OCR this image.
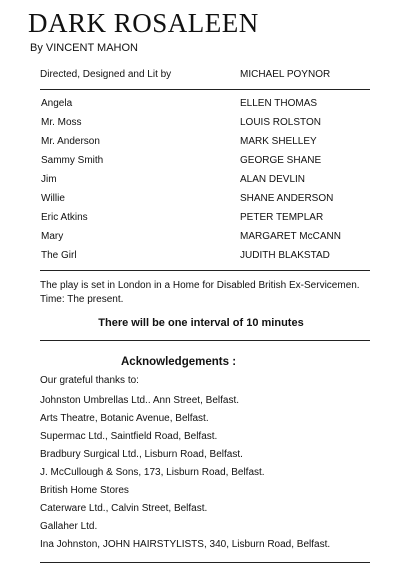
DARK ROSALEEN
By VINCENT MAHON
Directed, Designed and Lit by	MICHAEL POYNOR
Angela	ELLEN THOMAS
Mr. Moss	LOUIS ROLSTON
Mr. Anderson	MARK SHELLEY
Sammy Smith	GEORGE SHANE
Jim	ALAN DEVLIN
Willie	SHANE ANDERSON
Eric Atkins	PETER TEMPLAR
Mary	MARGARET McCANN
The Girl	JUDITH BLAKSTAD
The play is set in London in a Home for Disabled British Ex-Servicemen.
Time: The present.
There will be one interval of 10 minutes
Acknowledgements :
Our grateful thanks to:
Johnston Umbrellas Ltd.. Ann Street, Belfast.
Arts Theatre, Botanic Avenue, Belfast.
Supermac Ltd., Saintfield Road, Belfast.
Bradbury Surgical Ltd., Lisburn Road, Belfast.
J. McCullough & Sons, 173, Lisburn Road, Belfast.
British Home Stores
Caterware Ltd., Calvin Street, Belfast.
Gallaher Ltd.
Ina Johnston, JOHN HAIRSTYLISTS, 340, Lisburn Road, Belfast.
